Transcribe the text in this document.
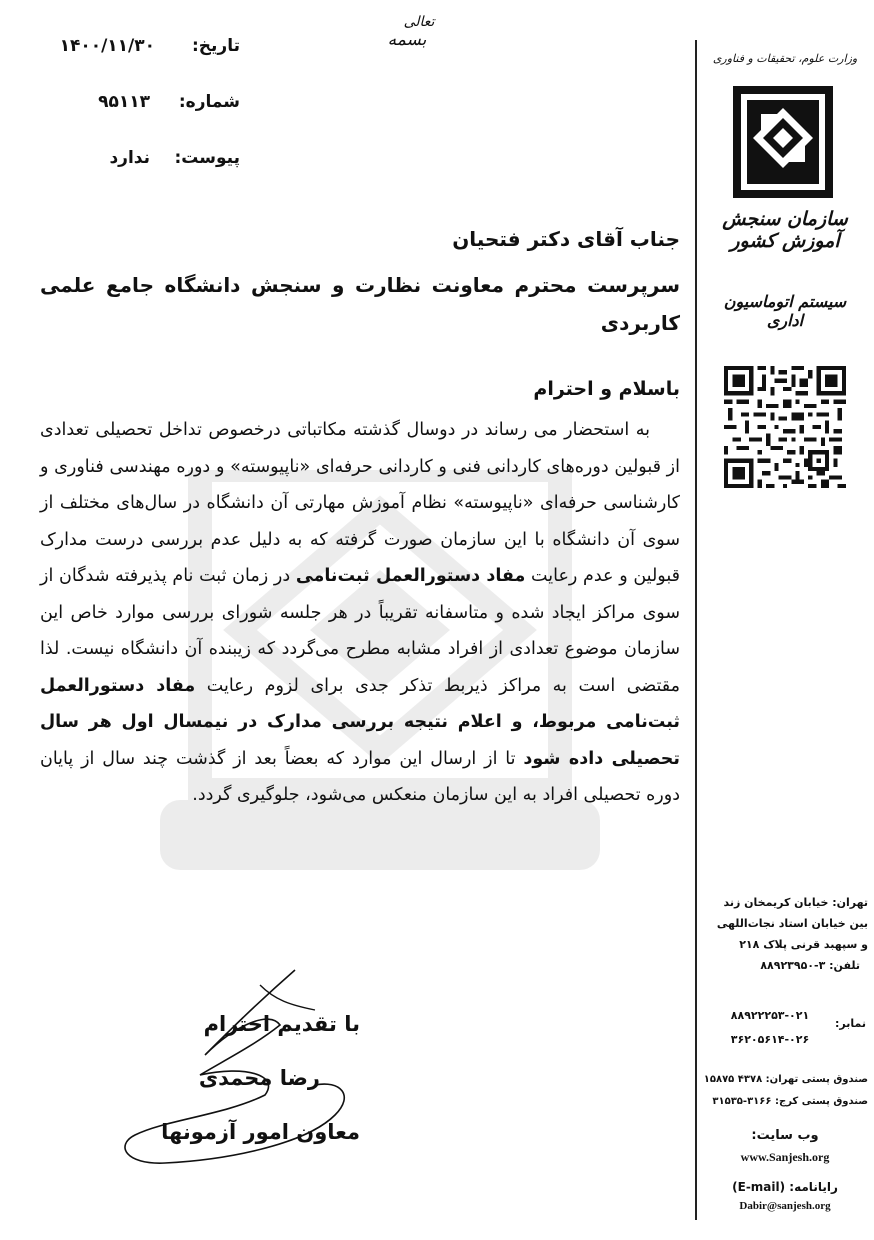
تاریخ:
۱۴۰۰/۱۱/۳۰
شماره:
۹۵۱۱۳
پیوست:
ندارد
تعالی
بسمه
وزارت علوم، تحقیقات و فناوری
سازمان سنجش آموزش کشور
سیستم اتوماسیون اداری
تهران: خیابان کریمخان زند
بین خیابان استاد نجات‌اللهی
و سپهبد قرنی پلاک ۲۱۸
تلفن: ۳-۸۸۹۲۳۹۵۰
نمابر:
۸۸۹۲۲۲۵۳-۰۲۱
۳۶۲۰۵۶۱۴-۰۲۶
صندوق پستی تهران: ۴۳۷۸ ۱۵۸۷۵
صندوق پستی کرج: ۳۱۶۶-۳۱۵۳۵
وب سایت:
www.Sanjesh.org
رایانامه: (E-mail)
Dabir@sanjesh.org
جناب آقای دکتر فتحیان
سرپرست محترم معاونت نظارت و سنجش دانشگاه جامع علمی کاربردی
باسلام و احترام
به استحضار می رساند در دوسال گذشته مکاتباتی درخصوص تداخل تحصیلی تعدادی از قبولین دوره‌های کاردانی فنی و کاردانی حرفه‌ای «ناپیوسته» و دوره مهندسی فناوری و کارشناسی حرفه‌ای «ناپیوسته» نظام آموزش مهارتی آن دانشگاه در سال‌های مختلف از سوی آن دانشگاه با این سازمان صورت گرفته که به دلیل عدم بررسی درست مدارک قبولین و عدم رعایت مفاد دستورالعمل ثبت‌نامی در زمان ثبت نام پذیرفته شدگان از سوی مراکز ایجاد شده و متاسفانه تقریباً در هر جلسه شورای بررسی موارد خاص این سازمان موضوع تعدادی از افراد مشابه مطرح می‌گردد که زیبنده آن دانشگاه نیست. لذا مقتضی است به مراکز ذیربط تذکر جدی برای لزوم رعایت مفاد دستورالعمل ثبت‌نامی مربوط، و اعلام نتیجه بررسی مدارک در نیمسال اول هر سال تحصیلی داده شود تا از ارسال این موارد که بعضاً بعد از گذشت چند سال از پایان دوره تحصیلی افراد به این سازمان منعکس می‌شود، جلوگیری گردد.
با تقدیم احترام
رضا محمدی
معاون امور آزمونها
